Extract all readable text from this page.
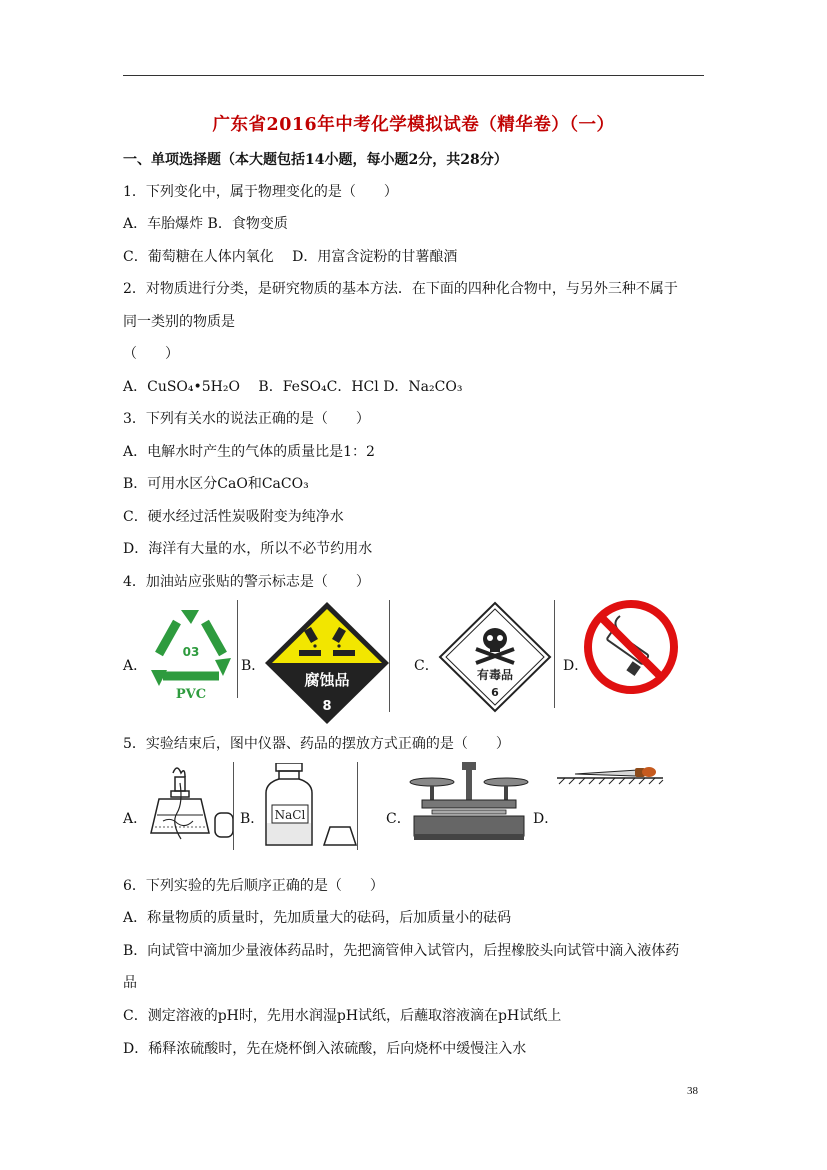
广东省2016年中考化学模拟试卷（精华卷）（一）
一、单项选择题（本大题包括14小题，每小题2分，共28分）
1．下列变化中，属于物理变化的是（　　）
A．车胎爆炸 B．食物变质
C．葡萄糖在人体内氧化　 D．用富含淀粉的甘薯酿酒
2．对物质进行分类，是研究物质的基本方法．在下面的四种化合物中，与另外三种不属于
同一类别的物质是
（　　）
A．CuSO₄•5H₂O　 B．FeSO₄C．HCl D．Na₂CO₃
3．下列有关水的说法正确的是（　　）
A．电解水时产生的气体的质量比是1：2
B．可用水区分CaO和CaCO₃
C．硬水经过活性炭吸附变为纯净水
D．海洋有大量的水，所以不必节约用水
4．加油站应张贴的警示标志是（　　）
A．
03
PVC
B．
腐蚀品
8
C．
有毒品
6
D．
5．实验结束后，图中仪器、药品的摆放方式正确的是（　　）
A．	B． NaCl	C．	D．
6．下列实验的先后顺序正确的是（　　）
A．称量物质的质量时，先加质量大的砝码，后加质量小的砝码
B．向试管中滴加少量液体药品时，先把滴管伸入试管内，后捏橡胶头向试管中滴入液体药
品
C．测定溶液的pH时，先用水润湿pH试纸，后蘸取溶液滴在pH试纸上
D．稀释浓硫酸时，先在烧杯倒入浓硫酸，后向烧杯中缓慢注入水
38
